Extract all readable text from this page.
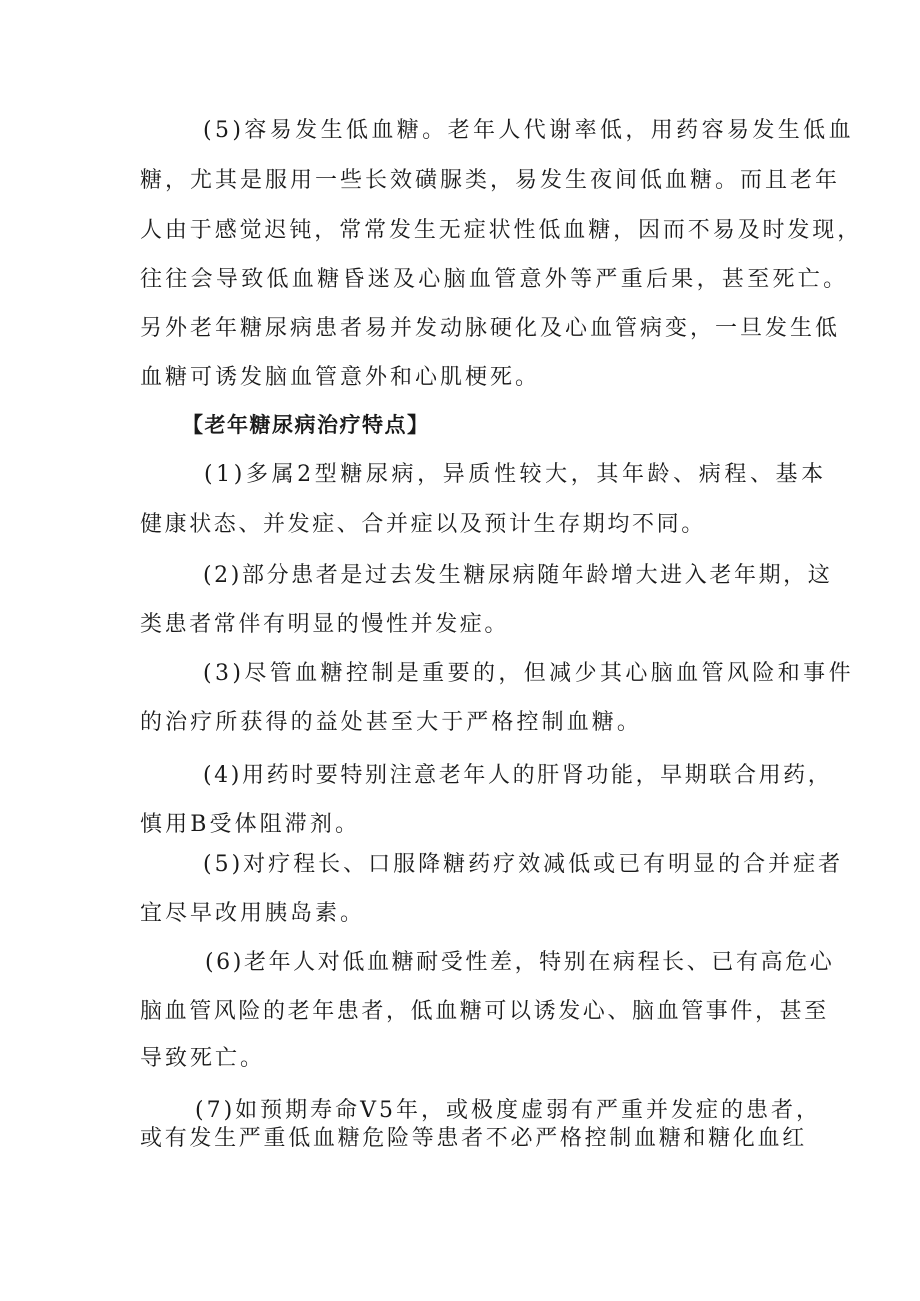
(5)容易发生低血糖。老年人代谢率低，用药容易发生低血
糖，尤其是服用一些长效磺脲类，易发生夜间低血糖。而且老年
人由于感觉迟钝，常常发生无症状性低血糖，因而不易及时发现，
往往会导致低血糖昏迷及心脑血管意外等严重后果，甚至死亡。
另外老年糖尿病患者易并发动脉硬化及心血管病变，一旦发生低
血糖可诱发脑血管意外和心肌梗死。
【老年糖尿病治疗特点】
(1)多属2型糖尿病，异质性较大，其年龄、病程、基本
健康状态、并发症、合并症以及预计生存期均不同。
(2)部分患者是过去发生糖尿病随年龄增大进入老年期，这
类患者常伴有明显的慢性并发症。
(3)尽管血糖控制是重要的，但减少其心脑血管风险和事件
的治疗所获得的益处甚至大于严格控制血糖。
(4)用药时要特别注意老年人的肝肾功能，早期联合用药，
慎用B受体阻滞剂。
(5)对疗程长、口服降糖药疗效减低或已有明显的合并症者
宜尽早改用胰岛素。
(6)老年人对低血糖耐受性差，特别在病程长、已有高危心
脑血管风险的老年患者，低血糖可以诱发心、脑血管事件，甚至
导致死亡。
(7)如预期寿命V5年，或极度虚弱有严重并发症的患者，
或有发生严重低血糖危险等患者不必严格控制血糖和糖化血红
